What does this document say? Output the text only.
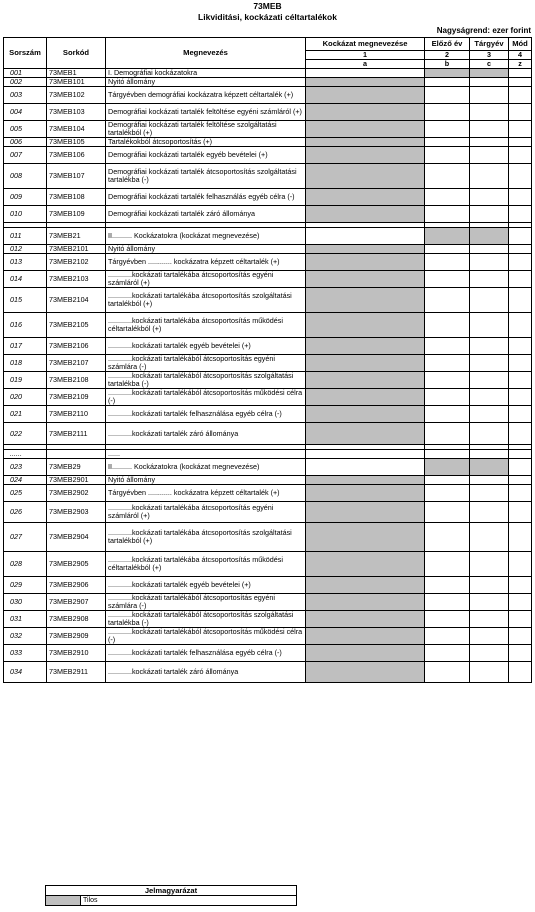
73MEB
Likviditási, kockázati céltartalékok
Nagyságrend: ezer forint
Sorszám	Sorkód	Megnevezés	Kockázat megnevezése	Előző év	Tárgyév	Mód
			1	2	3	4
			a	b	c	z
001	73MEB1	I. Demográfiai kockázatokra				
002	73MEB101	Nyitó állomány				
003	73MEB102	Tárgyévben demográfiai kockázatra képzett céltartalék (+)				
004	73MEB103	Demográfiai kockázati tartalék feltöltése egyéni számláról (+)				
005	73MEB104	Demográfiai kockázati tartalék feltöltése szolgáltatási tartalékból (+)				
006	73MEB105	Tartalékokból átcsoportosítás (+)				
007	73MEB106	Demográfiai kockázati tartalék egyéb bevételei (+)				
008	73MEB107	Demográfiai kockázati tartalék átcsoportosítás szolgáltatási tartalékba (-)				
009	73MEB108	Demográfiai kockázati tartalék felhasználás egyéb célra (-)				
010	73MEB109	Demográfiai kockázati tartalék záró állománya				

011	73MEB21	II.......... Kockázatokra (kockázat megnevezése)				
012	73MEB2101	Nyitó állomány				
013	73MEB2102	Tárgyévben ............ kockázatra képzett céltartalék (+)				
014	73MEB2103	............kockázati tartalékába átcsoportosítás egyéni számláról (+)				
015	73MEB2104	............kockázati tartalékába átcsoportosítás szolgáltatási tartalékból (+)				
016	73MEB2105	............kockázati tartalékába átcsoportosítás működési céltartalékból (+)				
017	73MEB2106	............kockázati tartalék egyéb bevételei (+)				
018	73MEB2107	............kockázati tartalékából átcsoportosítás egyéni számlára (-)				
019	73MEB2108	............kockázati tartalékából átcsoportosítás szolgáltatási tartalékba (-)				
020	73MEB2109	............kockázati tartalékából átcsoportosítás működési célra (-)				
021	73MEB2110	............kockázati tartalék felhasználása egyéb célra (-)				
022	73MEB2111	............kockázati tartalék záró állománya				

......		......				
023	73MEB29	II.......... Kockázatokra (kockázat megnevezése)				
024	73MEB2901	Nyitó állomány				
025	73MEB2902	Tárgyévben ............ kockázatra képzett céltartalék (+)				
026	73MEB2903	............kockázati tartalékába átcsoportosítás egyéni számláról (+)				
027	73MEB2904	............kockázati tartalékába átcsoportosítás szolgáltatási tartalékból (+)				
028	73MEB2905	............kockázati tartalékába átcsoportosítás működési céltartalékból (+)				
029	73MEB2906	............kockázati tartalék egyéb bevételei (+)				
030	73MEB2907	............kockázati tartalékából átcsoportosítás egyéni számlára (-)				
031	73MEB2908	............kockázati tartalékából átcsoportosítás szolgáltatási tartalékba (-)				
032	73MEB2909	............kockázati tartalékából átcsoportosítás működési célra (-)				
033	73MEB2910	............kockázati tartalék felhasználása egyéb célra (-)				
034	73MEB2911	............kockázati tartalék záró állománya				
Jelmagyarázat
	Tilos
